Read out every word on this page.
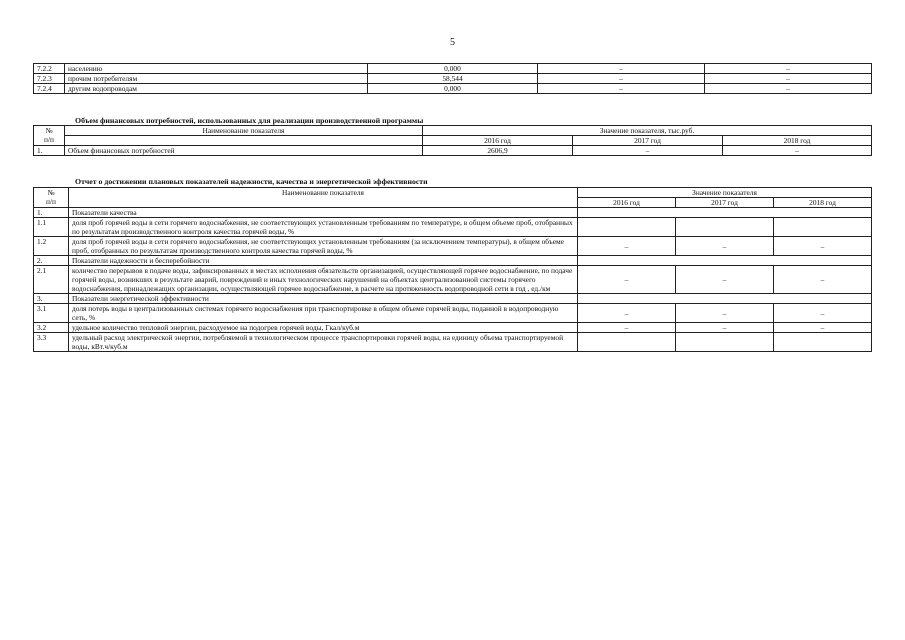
5
7.2.2	населению	0,000	–	–
7.2.3	прочим потребителям	58,544	–	–
7.2.4	другим водопроводам	0,000	–	–
Объем финансовых потребностей, использованных для реализации производственной программы
№
п/п	Наименование показателя	Значение показателя, тыс.руб.		
		2016 год	2017 год	2018 год
1.	Объем финансовых потребностей	2606,9	–	–
Отчет о достижении плановых показателей надежности, качества и энергетической эффективности
№
п/п	Наименование показателя	Значение показателя		
		2016 год	2017 год	2018 год
1.	Показатели качества			
1.1	доля проб горячей воды в сети горячего водоснабжения, не соответствующих установленным требованиям по температуре, в общем объеме проб, отобранных по результатам производственного контроля качества горячей воды, %			
1.2	доля проб горячей воды в сети горячего водоснабжения, не соответствующих установленным требованиям (за исключением температуры), в общем объеме проб, отобранных по результатам производственного контроля качества горячей воды, %	–	–	–
2.	Показатели надежности и бесперебойности			
2.1	количество перерывов в подаче воды, зафиксированных в местах исполнения обязательств организацией, осуществляющей горячее водоснабжение, по подаче горячей воды, возникших в результате аварий, повреждений и иных технологических нарушений на объектах централизованной системы горячего водоснабжения, принадлежащих организации, осуществляющей горячее водоснабжение, в расчете на протяженность водопроводной сети в год , ед./км	–	–	–
3.	Показатели энергетической эффективности			
3.1	доля потерь воды в централизованных системах горячего водоснабжения при транспортировке в общем объеме горячей воды, поданной в водопроводную сеть, %	–	–	–
3.2	удельное количество тепловой энергии, расходуемое на подогрев горячей воды, Гкал/куб.м	–	–	–
3.3	удельный расход электрической энергии, потребляемой в технологическом процессе транспортировки горячей воды, на единицу объема транспортируемой воды, кВт.ч/куб.м			
